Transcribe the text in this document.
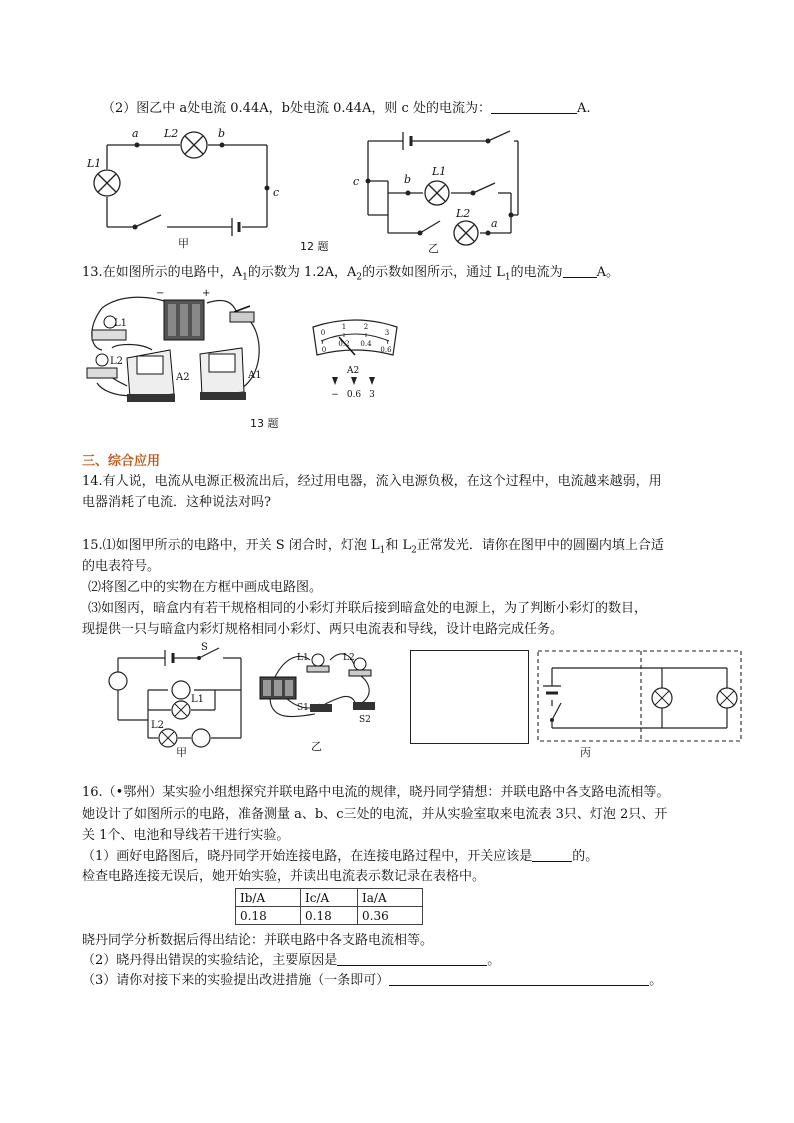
（2）图乙中 a处电流 0.44A，b处电流 0.44A，则 c 处的电流为：	A.
a	b
c
L2
L1
甲
c	b
a
L1
L2
乙
12 题
13.在如图所示的电路中，$A_1$的示数为 1.2A，$A_2$的示数如图所示，通过 $L_1$的电流为	A。
−	+
L1
L2
A2	A1
0
1	2
3
0
0.2 0.4
0.6
A2
− 0.6 3
13 题
三、综合应用
14.有人说，电流从电源正极流出后，经过用电器，流入电源负极，在这个过程中，电流越来越弱，用
电器消耗了电流．这种说法对吗?
15.⑴如图甲所示的电路中，开关 S 闭合时，灯泡 $L_1$和 $L_2$正常发光．请你在图甲中的圆圈内填上合适
的电表符号。
⑵将图乙中的实物在方框中画成电路图。
⑶如图丙，暗盒内有若干规格相同的小彩灯并联后接到暗盒处的电源上，为了判断小彩灯的数目，
现提供一只与暗盒内彩灯规格相同小彩灯、两只电流表和导线，设计电路完成任务。
S
L1
L2
甲
L1	L2
S1
S2
乙	丙
16.（•鄂州）某实验小组想探究并联电路中电流的规律，晓丹同学猜想：并联电路中各支路电流相等。
她设计了如图所示的电路，准备测量 a、b、c三处的电流，并从实验室取来电流表 3只、灯泡 2只、开
关 1个、电池和导线若干进行实验。
（1）画好电路图后，晓丹同学开始连接电路，在连接电路过程中，开关应该是	的。
检查电路连接无误后，她开始实验，并读出电流表示数记录在表格中。
Ib/A	Ic/A	Ia/A
0.18	0.18	0.36
晓丹同学分析数据后得出结论：并联电路中各支路电流相等。
（2）晓丹得出错误的实验结论，主要原因是	。
（3）请你对接下来的实验提出改进措施（一条即可）	。
